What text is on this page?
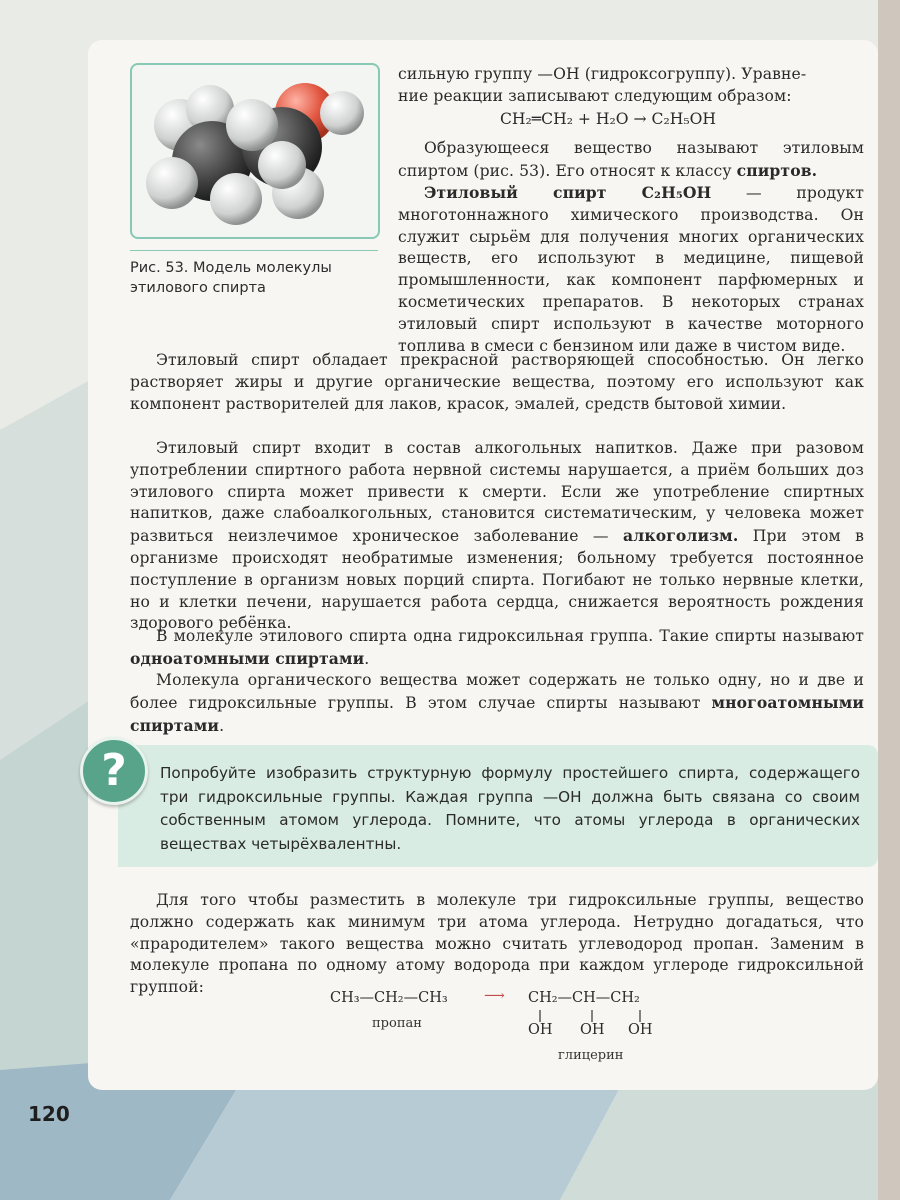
Рис. 53. Модель молекулы
этилового спирта

сильную группу —OH (гидроксогруппу). Уравне-

ние реакции записывают следующим образом:

CH₂═CH₂ + H₂O → C₂H₅OH

Образующееся вещество называют этиловым спиртом (рис. 53). Его относят к классу спиртов.

Этиловый спирт C₂H₅OH — продукт многотоннажного химического производства. Он служит сырьём для получения многих органических веществ, его используют в медицине, пищевой промышленности, как компонент парфюмерных и косметических препаратов. В некоторых странах этиловый спирт используют в качестве моторного топлива в смеси с бензином или даже в чистом виде.

Этиловый спирт обладает прекрасной растворяющей способностью. Он легко растворяет жиры и другие органические вещества, поэтому его используют как компонент растворителей для лаков, красок, эмалей, средств бытовой химии.

Этиловый спирт входит в состав алкогольных напитков. Даже при разовом употреблении спиртного работа нервной системы нарушается, а приём больших доз этилового спирта может привести к смерти. Если же употребление спиртных напитков, даже слабоалкогольных, становится систематическим, у человека может развиться неизлечимое хроническое заболевание — алкоголизм. При этом в организме происходят необратимые изменения; больному требуется постоянное поступление в организм новых порций спирта. Погибают не только нервные клетки, но и клетки печени, нарушается работа сердца, снижается вероятность рождения здорового ребёнка.

В молекуле этилового спирта одна гидроксильная группа. Такие спирты называют одноатомными спиртами.

Молекула органического вещества может содержать не только одну, но и две и более гидроксильные группы. В этом случае спирты называют многоатомными спиртами.

?	Попробуйте изобразить структурную формулу простейшего спирта, содержащего три гидроксильные группы. Каждая группа —OH должна быть связана со своим собственным атомом углерода. Помните, что атомы углерода в органических веществах четырёхвалентны.

Для того чтобы разместить в молекуле три гидроксильные группы, вещество должно содержать как минимум три атома углерода. Нетрудно догадаться, что «прародителем» такого вещества можно считать углеводород пропан. Заменим в молекуле пропана по одному атому водорода при каждом углероде гидроксильной группой:

CH₃—CH₂—CH₃
пропан
⟶ CH₂—CH—CH₂
OH OH OH
глицерин
120
